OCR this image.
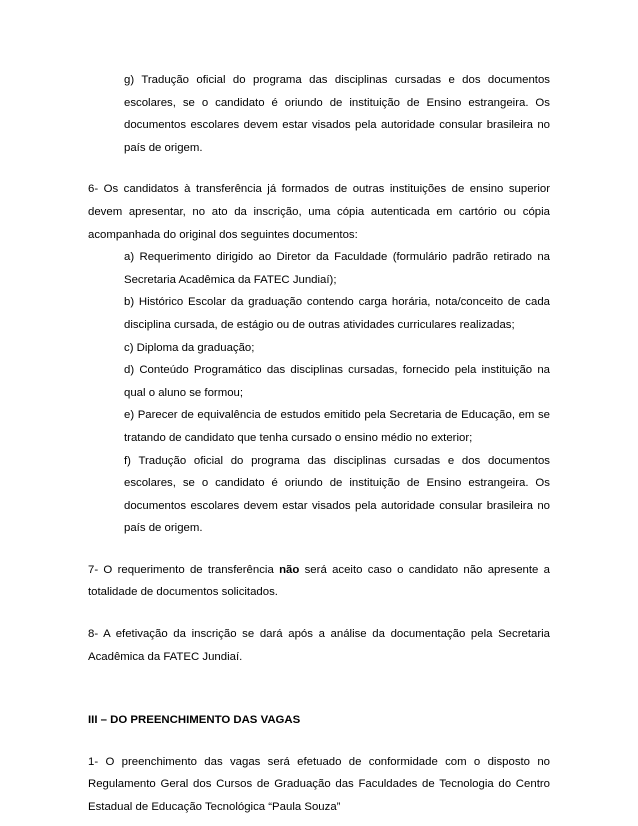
g) Tradução oficial do programa das disciplinas cursadas e dos documentos escolares, se o candidato é oriundo de instituição de Ensino estrangeira. Os documentos escolares devem estar visados pela autoridade consular brasileira no país de origem.

6- Os candidatos à transferência já formados de outras instituições de ensino superior devem apresentar, no ato da inscrição, uma cópia autenticada em cartório ou cópia acompanhada do original dos seguintes documentos:

a) Requerimento dirigido ao Diretor da Faculdade (formulário padrão retirado na Secretaria Acadêmica da FATEC Jundiaí);

b) Histórico Escolar da graduação contendo carga horária, nota/conceito de cada disciplina cursada, de estágio ou de outras atividades curriculares realizadas;

c) Diploma da graduação;

d) Conteúdo Programático das disciplinas cursadas, fornecido pela instituição na qual o aluno se formou;

e) Parecer de equivalência de estudos emitido pela Secretaria de Educação, em se tratando de candidato que tenha cursado o ensino médio no exterior;

f) Tradução oficial do programa das disciplinas cursadas e dos documentos escolares, se o candidato é oriundo de instituição de Ensino estrangeira. Os documentos escolares devem estar visados pela autoridade consular brasileira no país de origem.

7- O requerimento de transferência não será aceito caso o candidato não apresente a totalidade de documentos solicitados.

8- A efetivação da inscrição se dará após a análise da documentação pela Secretaria Acadêmica da FATEC Jundiaí.

III – DO PREENCHIMENTO DAS VAGAS

1- O preenchimento das vagas será efetuado de conformidade com o disposto no Regulamento Geral dos Cursos de Graduação das Faculdades de Tecnologia do Centro Estadual de Educação Tecnológica “Paula Souza”
